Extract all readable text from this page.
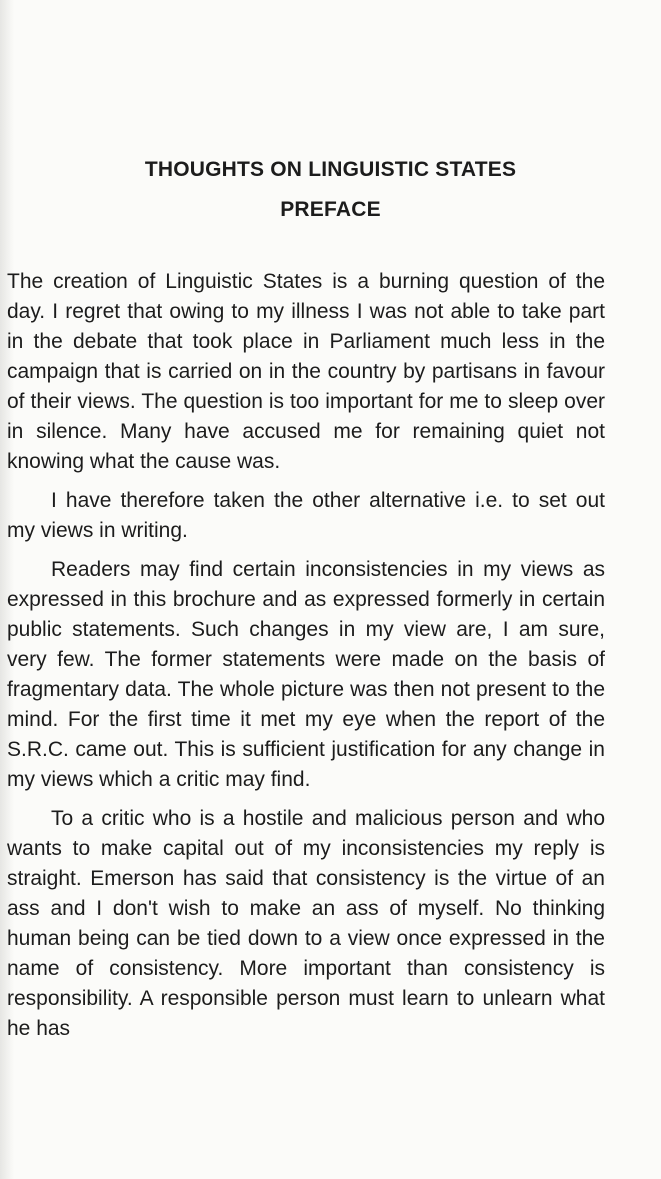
THOUGHTS ON LINGUISTIC STATES
PREFACE

The creation of Linguistic States is a burning question of the day. I regret that owing to my illness I was not able to take part in the debate that took place in Parliament much less in the campaign that is carried on in the country by partisans in favour of their views. The question is too important for me to sleep over in silence. Many have accused me for remaining quiet not knowing what the cause was.

I have therefore taken the other alternative i.e. to set out my views in writing.

Readers may find certain inconsistencies in my views as expressed in this brochure and as expressed formerly in certain public statements. Such changes in my view are, I am sure, very few. The former statements were made on the basis of fragmentary data. The whole picture was then not present to the mind. For the first time it met my eye when the report of the S.R.C. came out. This is sufficient justification for any change in my views which a critic may find.

To a critic who is a hostile and malicious person and who wants to make capital out of my inconsistencies my reply is straight. Emerson has said that consistency is the virtue of an ass and I don't wish to make an ass of myself. No thinking human being can be tied down to a view once expressed in the name of consistency. More important than consistency is responsibility. A responsible person must learn to unlearn what he has
